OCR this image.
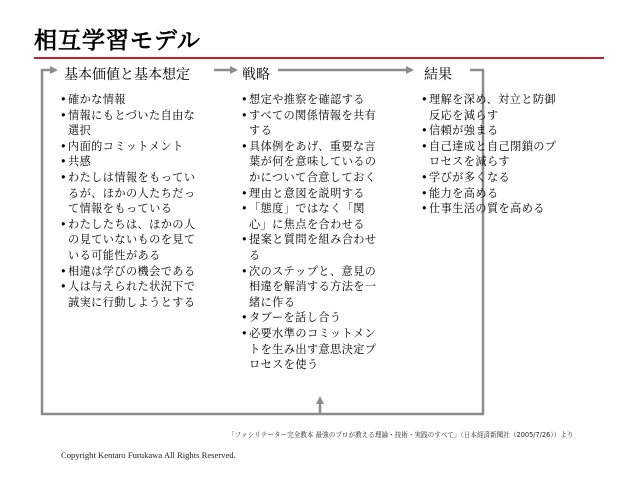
相互学習モデル
基本価値と基本想定	戦略	結果
• 確かな情報
• 情報にもとづいた自由な
選択
• 内面的コミットメント
• 共感
• わたしは情報をもってい
るが、ほかの人たちだっ
て情報をもっている
• わたしたちは、ほかの人
の見ていないものを見て
いる可能性がある
• 相違は学びの機会である
• 人は与えられた状況下で
誠実に行動しようとする
• 想定や推察を確認する
• すべての関係情報を共有
する
• 具体例をあげ、重要な言
葉が何を意味しているの
かについて合意しておく
• 理由と意図を説明する
• 「態度」ではなく「関
心」に焦点を合わせる
• 提案と質問を組み合わせ
る
• 次のステップと、意見の
相違を解消する方法を一
緒に作る
• タブーを話し合う
• 必要水準のコミットメン
トを生み出す意思決定プ
ロセスを使う
• 理解を深め、対立と防御
反応を減らす
• 信頼が強まる
• 自己達成と自己閉鎖のプ
ロセスを減らす
• 学びが多くなる
• 能力を高める
• 仕事生活の質を高める
「ファシリテーター完全教本 最強のプロが教える理論・技術・実践のすべて」（日本経済新聞社（2005/7/26））より
Copyright Kentaro Furukawa All Rights Reserved.
